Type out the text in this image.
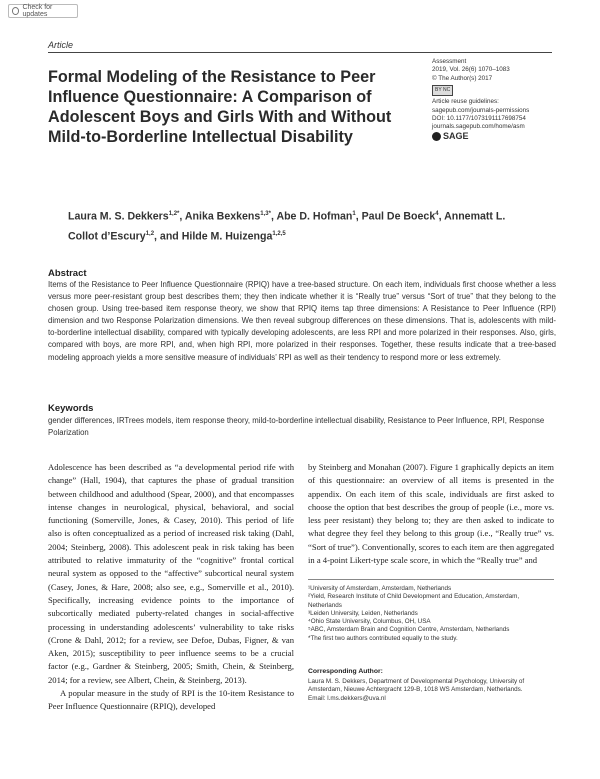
Check for updates
Article
Formal Modeling of the Resistance to Peer Influence Questionnaire: A Comparison of Adolescent Boys and Girls With and Without Mild-to-Borderline Intellectual Disability
Assessment
2019, Vol. 26(6) 1070–1083
© The Author(s) 2017
BY NC
Article reuse guidelines:
sagepub.com/journals-permissions
DOI: 10.1177/1073191117698754
journals.sagepub.com/home/asm
SAGE
Laura M. S. Dekkers$^{1,2*}$, Anika Bexkens$^{1,3*}$, Abe D. Hofman$^1$, Paul De Boeck$^4$, Annematt L. Collot d’Escury$^{1,2}$, and Hilde M. Huizenga$^{1,2,5}$
Abstract
Items of the Resistance to Peer Influence Questionnaire (RPIQ) have a tree-based structure. On each item, individuals first choose whether a less versus more peer-resistant group best describes them; they then indicate whether it is “Really true” versus “Sort of true” that they belong to the chosen group. Using tree-based item response theory, we show that RPIQ items tap three dimensions: A Resistance to Peer Influence (RPI) dimension and two Response Polarization dimensions. We then reveal subgroup differences on these dimensions. That is, adolescents with mild-to-borderline intellectual disability, compared with typically developing adolescents, are less RPI and more polarized in their responses. Also, girls, compared with boys, are more RPI, and, when high RPI, more polarized in their responses. Together, these results indicate that a tree-based modeling approach yields a more sensitive measure of individuals’ RPI as well as their tendency to respond more or less extremely.
Keywords
gender differences, IRTrees models, item response theory, mild-to-borderline intellectual disability, Resistance to Peer Influence, RPI, Response Polarization

Adolescence has been described as “a developmental period rife with change” (Hall, 1904), that captures the phase of gradual transition between childhood and adulthood (Spear, 2000), and that encompasses intense changes in neurological, physical, behavioral, and social functioning (Somerville, Jones, & Casey, 2010). This period of life also is often conceptualized as a period of increased risk taking (Dahl, 2004; Steinberg, 2008). This adolescent peak in risk taking has been attributed to relative immaturity of the “cognitive” frontal cortical neural system as opposed to the “affective” subcortical neural system (Casey, Jones, & Hare, 2008; also see, e.g., Somerville et al., 2010). Specifically, increasing evidence points to the importance of subcortically mediated puberty-related changes in social-affective processing in understanding adolescents’ vulnerability to take risks (Crone & Dahl, 2012; for a review, see Defoe, Dubas, Figner, & van Aken, 2015); susceptibility to peer influence seems to be a crucial factor (e.g., Gardner & Steinberg, 2005; Smith, Chein, & Steinberg, 2014; for a review, see Albert, Chein, & Steinberg, 2013).

A popular measure in the study of RPI is the 10-item Resistance to Peer Influence Questionnaire (RPIQ), developed

by Steinberg and Monahan (2007). Figure 1 graphically depicts an item of this questionnaire: an overview of all items is presented in the appendix. On each item of this scale, individuals are first asked to choose the option that best describes the group of people (i.e., more vs. less peer resistant) they belong to; they are then asked to indicate to what degree they feel they belong to this group (i.e., “Really true” vs. “Sort of true”). Conventionally, scores to each item are then aggregated in a 4-point Likert-type scale score, in which the “Really true” and

¹University of Amsterdam, Amsterdam, Netherlands
²Yield, Research Institute of Child Development and Education, Amsterdam, Netherlands
³Leiden University, Leiden, Netherlands
⁴Ohio State University, Columbus, OH, USA
⁵ABC, Amsterdam Brain and Cognition Centre, Amsterdam, Netherlands
*The first two authors contributed equally to the study.
Corresponding Author:
Laura M. S. Dekkers, Department of Developmental Psychology, University of Amsterdam, Nieuwe Achtergracht 129-B, 1018 WS Amsterdam, Netherlands.
Email: l.ms.dekkers@uva.nl
